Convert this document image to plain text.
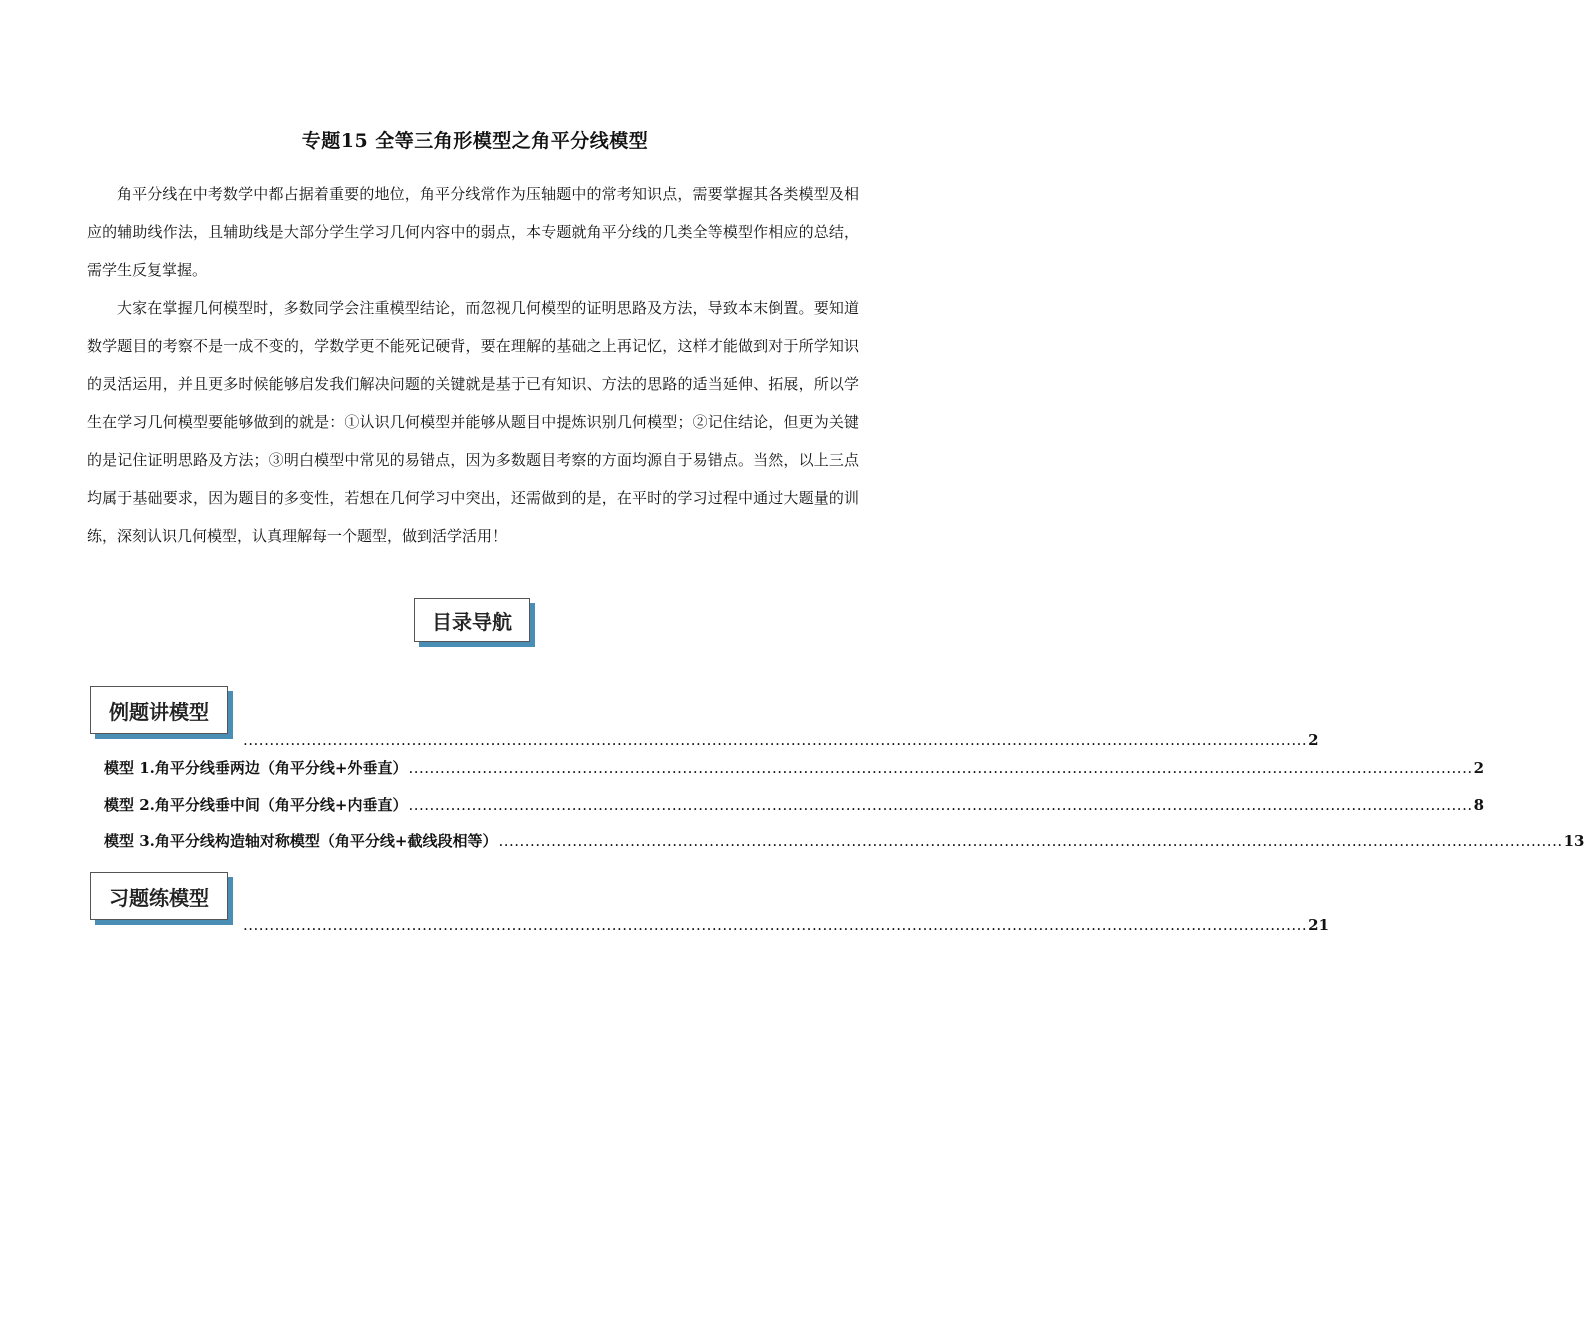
专题15 全等三角形模型之角平分线模型

角平分线在中考数学中都占据着重要的地位，角平分线常作为压轴题中的常考知识点，需要掌握其各类模型及相应的辅助线作法，且辅助线是大部分学生学习几何内容中的弱点，本专题就角平分线的几类全等模型作相应的总结，需学生反复掌握。

大家在掌握几何模型时，多数同学会注重模型结论，而忽视几何模型的证明思路及方法，导致本末倒置。要知道数学题目的考察不是一成不变的，学数学更不能死记硬背，要在理解的基础之上再记忆，这样才能做到对于所学知识的灵活运用，并且更多时候能够启发我们解决问题的关键就是基于已有知识、方法的思路的适当延伸、拓展，所以学生在学习几何模型要能够做到的就是：①认识几何模型并能够从题目中提炼识别几何模型；②记住结论，但更为关键的是记住证明思路及方法；③明白模型中常见的易错点，因为多数题目考察的方面均源自于易错点。当然，以上三点均属于基础要求，因为题目的多变性，若想在几何学习中突出，还需做到的是，在平时的学习过程中通过大题量的训练，深刻认识几何模型，认真理解每一个题型，做到活学活用！

目录导航
例题讲模型
.......................................................................................................................................................................................................... 2
模型 1.角平分线垂两边（角平分线+外垂直） .......................................................................................................................................................................................................... 2
模型 2.角平分线垂中间（角平分线+内垂直） .......................................................................................................................................................................................................... 8
模型 3.角平分线构造轴对称模型（角平分线+截线段相等） .......................................................................................................................................................................................................... 13
习题练模型
.......................................................................................................................................................................................................... 21
